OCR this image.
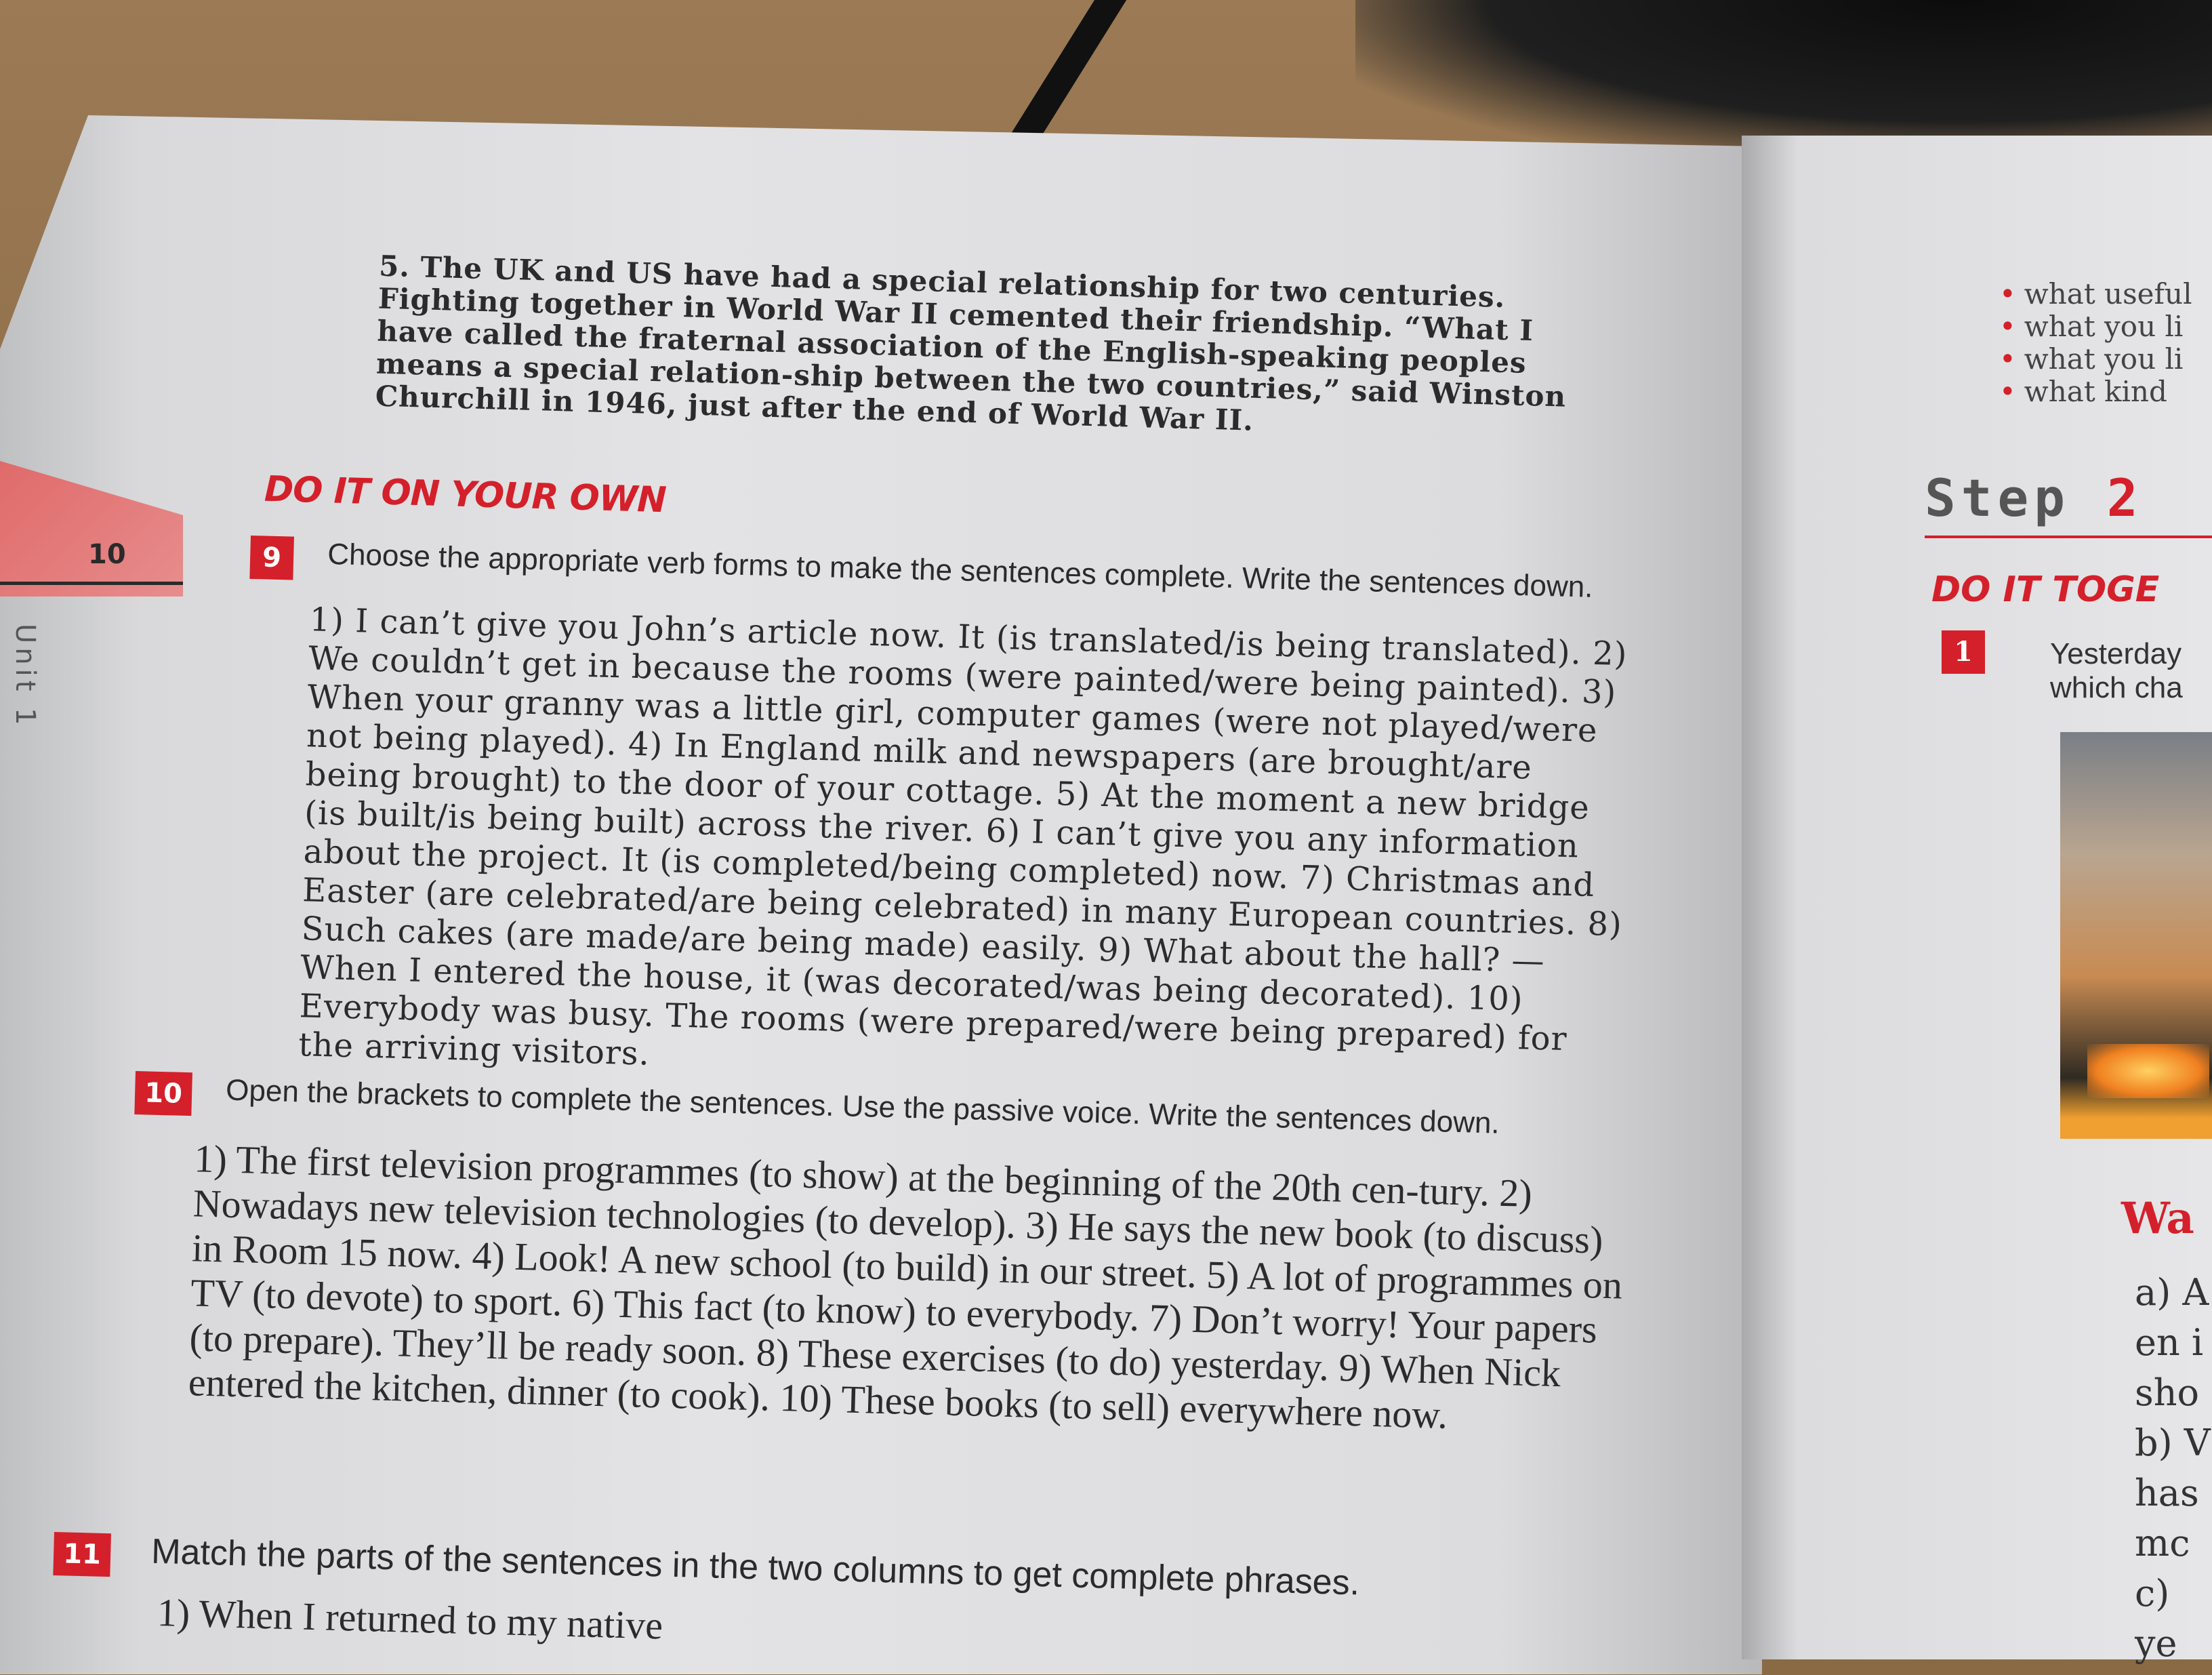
10
Unit 1

5. The UK and US have had a special relationship for two centuries. Fighting together in World War II cemented their friendship. “What I have called the fraternal association of the English-speaking peoples means a special relation-ship between the two countries,” said Winston Churchill in 1946, just after the end of World War II.

DO IT ON YOUR OWN
9	Choose the appropriate verb forms to make the sentences complete. Write the sentences down.
1) I can’t give you John’s article now. It (is translated/is being translated). 2) We couldn’t get in because the rooms (were painted/were being painted). 3) When your granny was a little girl, computer games (were not played/were not being played). 4) In England milk and newspapers (are brought/are being brought) to the door of your cottage. 5) At the moment a new bridge (is built/is being built) across the river. 6) I can’t give you any information about the project. It (is completed/being completed) now. 7) Christmas and Easter (are celebrated/are being celebrated) in many European countries. 8) Such cakes (are made/are being made) easily. 9) What about the hall? — When I entered the house, it (was decorated/was being decorated). 10) Everybody was busy. The rooms (were prepared/were being prepared) for the arriving visitors.
10	Open the brackets to complete the sentences. Use the passive voice. Write the sentences down.
1) The first television programmes (to show) at the beginning of the 20th cen-tury. 2) Nowadays new television technologies (to develop). 3) He says the new book (to discuss) in Room 15 now. 4) Look! A new school (to build) in our street. 5) A lot of programmes on TV (to devote) to sport. 6) This fact (to know) to everybody. 7) Don’t worry! Your papers (to prepare). They’ll be ready soon. 8) These exercises (to do) yesterday. 9) When Nick entered the kitchen, dinner (to cook). 10) These books (to sell) everywhere now.
11 Match the parts of the sentences in the two columns to get complete phrases.
1) When I returned to my native
• what useful
• what you li
• what you li
• what kind
Step 2
DO IT TOGE
1	Yesterday
which cha
Wa
a) A
en i
sho
b) V
has
mc
c)
ye
